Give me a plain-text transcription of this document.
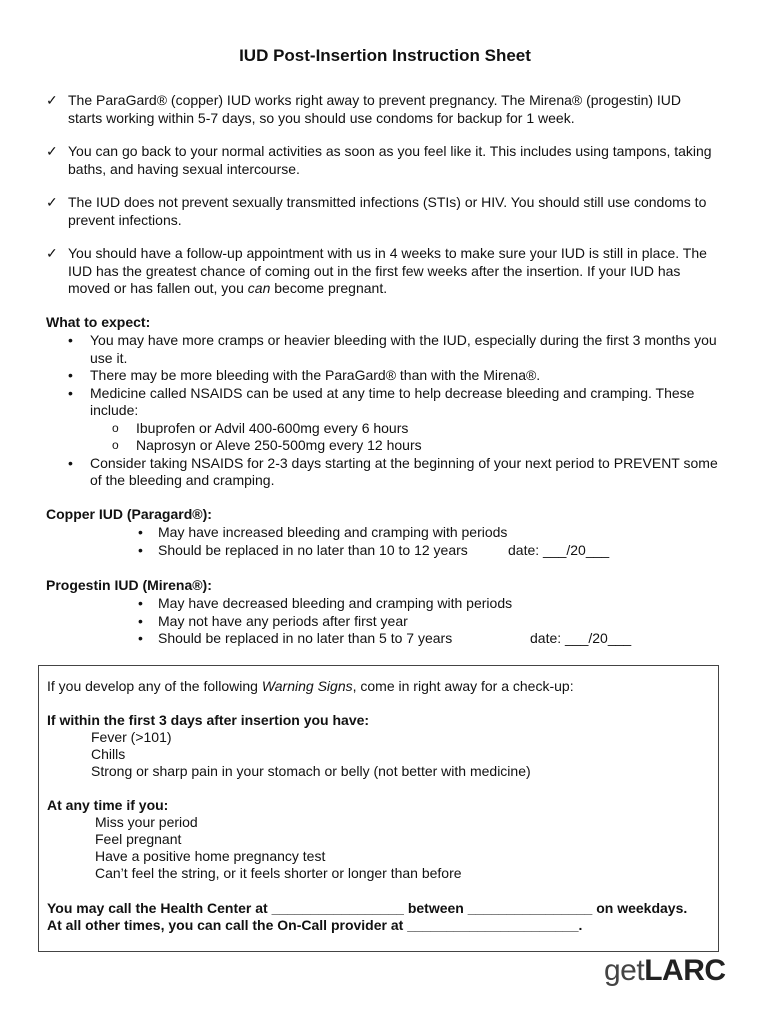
IUD Post-Insertion Instruction Sheet
✓ The ParaGard® (copper) IUD works right away to prevent pregnancy. The Mirena® (progestin) IUD starts working within 5-7 days, so you should use condoms for backup for 1 week.
✓ You can go back to your normal activities as soon as you feel like it. This includes using tampons, taking baths, and having sexual intercourse.
✓ The IUD does not prevent sexually transmitted infections (STIs) or HIV. You should still use condoms to prevent infections.
✓ You should have a follow-up appointment with us in 4 weeks to make sure your IUD is still in place. The IUD has the greatest chance of coming out in the first few weeks after the insertion. If your IUD has moved or has fallen out, you can become pregnant.
What to expect:
• You may have more cramps or heavier bleeding with the IUD, especially during the first 3 months you use it.
• There may be more bleeding with the ParaGard® than with the Mirena®.
• Medicine called NSAIDS can be used at any time to help decrease bleeding and cramping. These include:
o Ibuprofen or Advil 400-600mg every 6 hours
o Naprosyn or Aleve 250-500mg every 12 hours
• Consider taking NSAIDS for 2-3 days starting at the beginning of your next period to PREVENT some of the bleeding and cramping.
Copper IUD (Paragard®):
• May have increased bleeding and cramping with periods
• Should be replaced in no later than 10 to 12 years	date: ___/20___
Progestin IUD (Mirena®):
• May have decreased bleeding and cramping with periods
• May not have any periods after first year
• Should be replaced in no later than 5 to 7 years	date: ___/20___
If you develop any of the following Warning Signs, come in right away for a check-up:
If within the first 3 days after insertion you have:
Fever (>101)
Chills
Strong or sharp pain in your stomach or belly (not better with medicine)
At any time if you:
Miss your period
Feel pregnant
Have a positive home pregnancy test
Can’t feel the string, or it feels shorter or longer than before
You may call the Health Center at _________________ between ________________ on weekdays.
At all other times, you can call the On-Call provider at ______________________.
getLARC
